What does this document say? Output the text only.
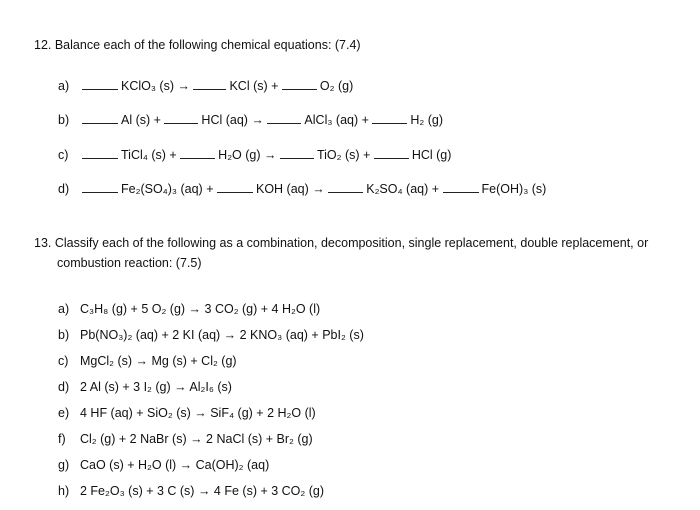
12. Balance each of the following chemical equations: (7.4)
a)	KClO₃ (s) →	KCl (s) +	O₂ (g)
b)	Al (s) +	HCl (aq) →	AlCl₃ (aq) +	H₂ (g)
c)	TiCl₄ (s) +	H₂O (g) →	TiO₂ (s) +	HCl (g)
d)	Fe₂(SO₄)₃ (aq) +	KOH (aq) →	K₂SO₄ (aq) +	Fe(OH)₃ (s)
13. Classify each of the following as a combination, decomposition, single replacement, double replacement, or
combustion reaction: (7.5)
a) C₃H₈ (g) + 5 O₂ (g) → 3 CO₂ (g) + 4 H₂O (l)
b) Pb(NO₃)₂ (aq) + 2 KI (aq) → 2 KNO₃ (aq) + PbI₂ (s)
c) MgCl₂ (s) → Mg (s) + Cl₂ (g)
d) 2 Al (s) + 3 I₂ (g) → Al₂I₆ (s)
e) 4 HF (aq) + SiO₂ (s) → SiF₄ (g) + 2 H₂O (l)
f) Cl₂ (g) + 2 NaBr (s) → 2 NaCl (s) + Br₂ (g)
g) CaO (s) + H₂O (l) → Ca(OH)₂ (aq)
h) 2 Fe₂O₃ (s) + 3 C (s) → 4 Fe (s) + 3 CO₂ (g)
